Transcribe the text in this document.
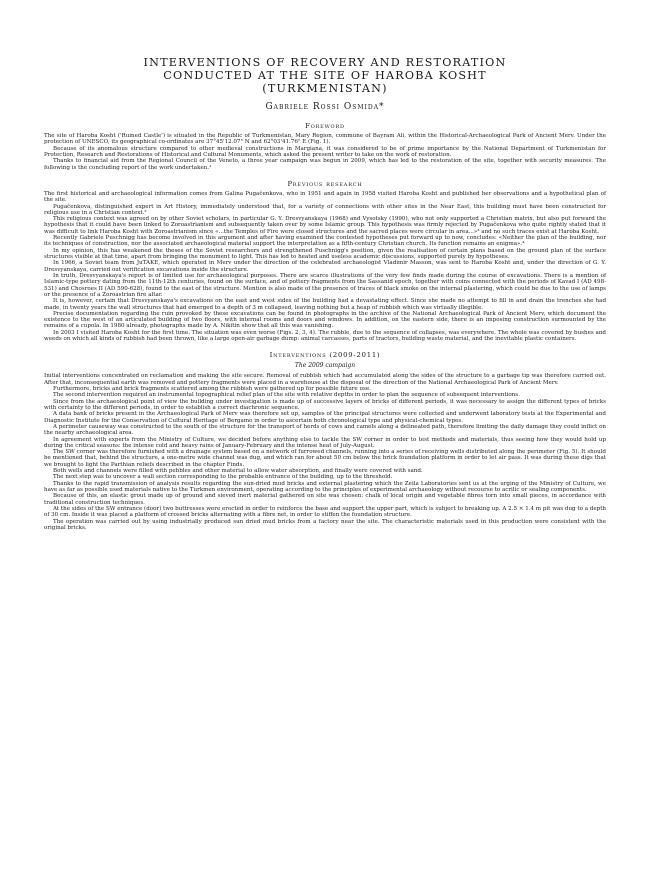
INTERVENTIONS OF RECOVERY AND RESTORATION
CONDUCTED AT THE SITE OF HAROBA KOSHT
(TURKMENISTAN)
Gabriele Rossi Osmida*
Foreword

The site of Haroba Kosht ('Ruined Castle') is situated in the Republic of Turkmenistan, Mary Region, commune of Bayram Ali, within the Historical-Archaeological Park of Ancient Merv. Under the protection of UNESCO, its geographical co-ordinates are 37°45'12.07" N and 62°03'41.76" E (Fig. 1).

Because of its anomalous structure compared to other medieval constructions in Margiana, it was considered to be of prime importance by the National Department of Turkmenistan for Protection, Research and Restorations of Historical and Cultural Monuments, which asked the present writer to take on the work of restoration.

Thanks to financial aid from the Regional Council of the Veneto, a three year campaign was begun in 2009, which has led to the restoration of the site, together with security measures. The following is the concluding report of the work undertaken.¹

Previous research

The first historical and archaeological information comes from Galina Pugačenkova, who in 1951 and again in 1958 visited Haroba Kosht and published her observations and a hypothetical plan of the site.

Pugačenkova, distinguished expert in Art History, immediately understood that, for a variety of connections with other sites in the Near East, this building must have been constructed for religious use in a Christian context.²

This religious context was agreed on by other Soviet scholars, in particular G. Y. Dresvyanskaya (1968) and Vysotsky (1990), who not only supported a Christian matrix, but also put forward the hypothesis that it could have been linked to Zoroastrianism and subsequently taken over by some Islamic group. This hypothesis was firmly rejected by Pugačenkova who quite rightly stated that it was difficult to link Haroba Kosht with Zoroastrianism since «...the Temples of Fire were closed structures and the sacred places were circular in area...»³ and no such traces exist at Haroba Kosht.

Recently Gabriele Puschnigg has become involved in this argument and after having examined the contested hypotheses put forward up to now, concludes: «Neither the plan of the building, nor its techniques of construction, nor the associated archaeological material support the interpretation as a fifth-century Christian church. Its function remains an enigma».⁴

In my opinion, this has weakened the theses of the Soviet researchers and strengthened Puschnigg's position, given the realisation of certain plans based on the ground plan of the surface structures visible at that time, apart from bringing the monument to light. This has led to heated and useless academic discussions, supported purely by hypotheses.

In 1966, a Soviet team from JuTAKE, which operated in Merv under the direction of the celebrated archaeologist Vladimir Masson, was sent to Haroba Kosht and, under the direction of G. Y. Dresvyanskaya, carried out verification excavations inside the structure.

In truth, Dresvyanskaya's report is of limited use for archaeological purposes. There are scarce illustrations of the very few finds made during the course of excavations. There is a mention of Islamic-type pottery dating from the 11th-12th centuries, found on the surface, and of pottery fragments from the Sassanid epoch, together with coins connected with the periods of Kavad I (AD 498-531) and Chosroes II (AD 590-628), found to the east of the structure. Mention is also made of the presence of traces of black smoke on the internal plastering, which could be due to the use of lamps or the presence of a Zoroastrian fire altar.

It is, however, certain that Dresvyanskaya's excavations on the east and west sides of the building had a devastating effect. Since she made no attempt to fill in and drain the trenches she had made, in twenty years the wall structures that had emerged to a depth of 3 m collapsed, leaving nothing but a heap of rubbish which was virtually illegible.

Precise documentation regarding the ruin provoked by these excavations can be found in photographs in the archive of the National Archaeological Park of Ancient Merv, which document the existence to the west of an articulated building of two floors, with internal rooms and doors and windows. In addition, on the eastern side, there is an imposing construction surmounted by the remains of a cupola. In 1980 already, photographs made by A. Nikitin show that all this was vanishing.

In 2003 I visited Haroba Kosht for the first time. The situation was even worse (Figs. 2, 3, 4). The rubble, due to the sequence of collapses, was everywhere. The whole was covered by bushes and weeds on which all kinds of rubbish had been thrown, like a large open-air garbage dump: animal carcasses, parts of tractors, building waste material, and the inevitable plastic containers.

Interventions (2009-2011)
The 2009 campaign

Initial interventions concentrated on reclamation and making the site secure. Removal of rubbish which had accumulated along the sides of the structure to a garbage tip was therefore carried out. After that, inconsequential earth was removed and pottery fragments were placed in a warehouse at the disposal of the direction of the National Archaeological Park of Ancient Merv.

Furthermore, bricks and brick fragments scattered among the rubbish were gathered up for possible future use.

The second intervention required an instrumental topographical relief plan of the site with relative depths in order to plan the sequence of subsequent interventions.

Since from the archaeological point of view the building under investigation is made up of successive layers of bricks of different periods, it was necessary to assign the different types of bricks with certainty to the different periods, in order to establish a correct diachronic sequence.

A data bank of bricks present in the Archaeological Park of Merv was therefore set up, samples of the principal structures were collected and underwent laboratory tests at the Experimental and Diagnostic Institute for the Conservation of Cultural Heritage of Bergamo in order to ascertain both chronological type and physical-chemical types.

A perimeter causeway was constructed to the south of the structure for the transport of herds of cows and camels along a delineated path, therefore limiting the daily damage they could inflict on the nearby archaeological area.

In agreement with experts from the Ministry of Culture, we decided before anything else to tackle the SW corner in order to test methods and materials, thus seeing how they would hold up during the critical seasons: the intense cold and heavy rains of January-February and the intense heat of July-August.

The SW corner was therefore furnished with a drainage system based on a network of furrowed channels, running into a series of receiving wells distributed along the perimeter (Fig. 5). It should be mentioned that, behind the structure, a one-metre wide channel was dug, and which ran for about 50 cm below the brick foundation platform in order to let air pass. It was during these digs that we brought to light the Parthian reliefs described in the chapter Finds.

Both wells and channels were filled with pebbles and other material to allow water absorption, and finally were covered with sand.

The next step was to uncover a wall section corresponding to the probable entrance of the building, up to the threshold.

Thanks to the rapid transmission of analysis results regarding the sun-dried mud bricks and external plastering which the Zeila Laboratories sent us at the urging of the Ministry of Culture, we have as far as possible used materials native to the Turkmen environment, operating according to the principles of experimental archaeology without recourse to acrilic or sealing components.

Because of this, an elastic grout made up of ground and sieved inert material gathered on site was chosen: chalk of local origin and vegetable fibres torn into small pieces, in accordance with traditional construction techniques.

At the sides of the SW entrance (door) two buttresses were erected in order to reinforce the base and support the upper part, which is subject to breaking up. A 2.5 × 1.4 m pit was dug to a depth of 30 cm. Inside it was placed a platform of crossed bricks alternating with a fibre net, in order to stiffen the foundation structure.

The operation was carried out by using industrially produced sun dried mud bricks from a factory near the site. The characteristic materials used in this production were consistent with the original bricks.
